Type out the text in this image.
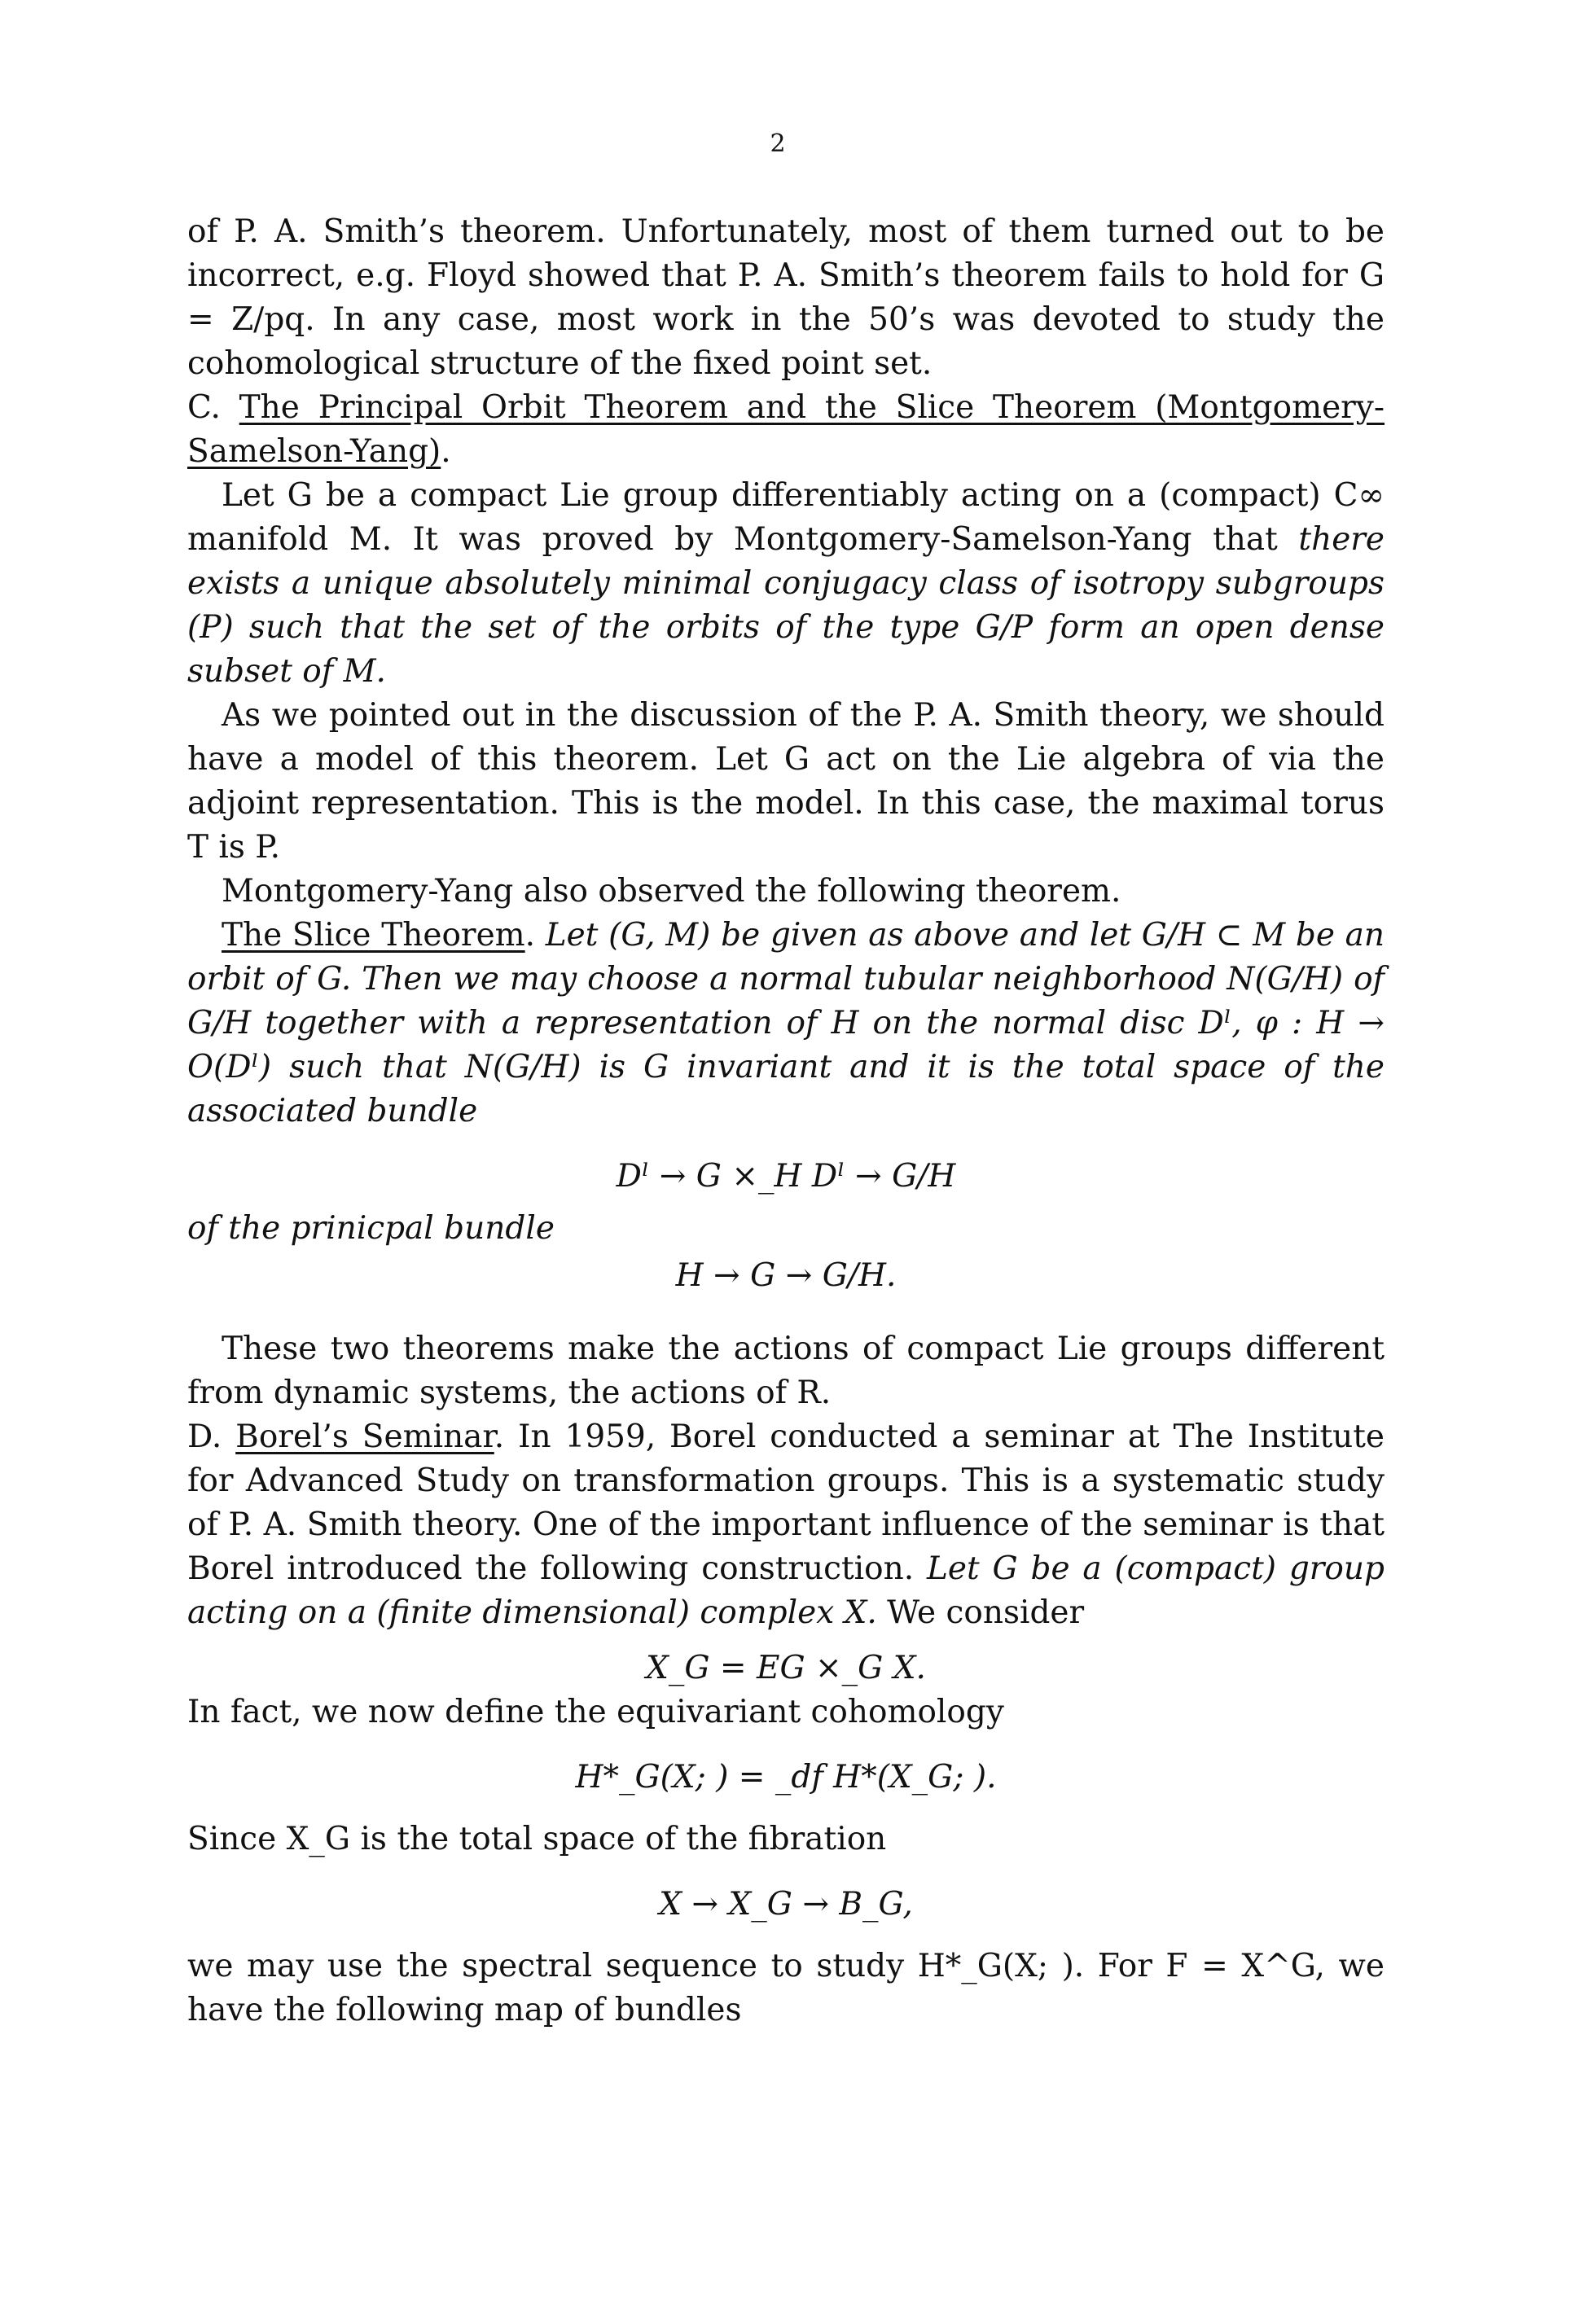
2

of P. A. Smith’s theorem. Unfortunately, most of them turned out to be incorrect, e.g. Floyd showed that P. A. Smith’s theorem fails to hold for G = Z/pq. In any case, most work in the 50’s was devoted to study the cohomological structure of the fixed point set.

C. The Principal Orbit Theorem and the Slice Theorem (Montgomery-Samelson-Yang).

Let G be a compact Lie group differentiably acting on a (compact) C∞ manifold M. It was proved by Montgomery-Samelson-Yang that there exists a unique absolutely minimal conjugacy class of isotropy subgroups (P) such that the set of the orbits of the type G/P form an open dense subset of M.

As we pointed out in the discussion of the P. A. Smith theory, we should have a model of this theorem. Let G act on the Lie algebra of via the adjoint representation. This is the model. In this case, the maximal torus T is P.

Montgomery-Yang also observed the following theorem.

The Slice Theorem. Let (G, M) be given as above and let G/H ⊂ M be an orbit of G. Then we may choose a normal tubular neighborhood N(G/H) of G/H together with a representation of H on the normal disc Dˡ, φ : H → O(Dˡ) such that N(G/H) is G invariant and it is the total space of the associated bundle

Dˡ → G ×_H Dˡ → G/H

of the prinicpal bundle

H → G → G/H.

These two theorems make the actions of compact Lie groups different from dynamic systems, the actions of R.

D. Borel’s Seminar. In 1959, Borel conducted a seminar at The Institute for Advanced Study on transformation groups. This is a systematic study of P. A. Smith theory. One of the important influence of the seminar is that Borel introduced the following construction. Let G be a (compact) group acting on a (finite dimensional) complex X. We consider

X_G = EG ×_G X.

In fact, we now define the equivariant cohomology

H*_G(X; ) = _df H*(X_G; ).

Since X_G is the total space of the fibration

X → X_G → B_G,

we may use the spectral sequence to study H*_G(X; ). For F = X^G, we have the following map of bundles
